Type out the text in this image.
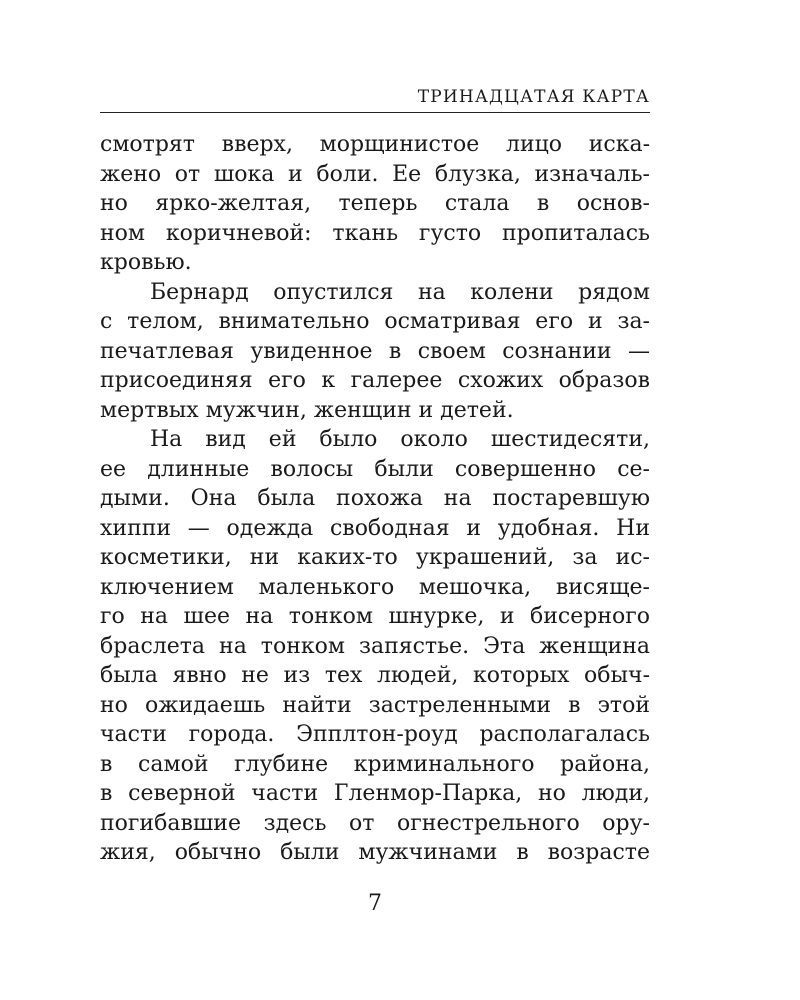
ТРИНАДЦАТАЯ КАРТА
смотрят вверх, морщинистое лицо иска-
жено от шока и боли. Ее блузка, изначаль-
но ярко-желтая, теперь стала в основ-
ном коричневой: ткань густо пропиталась
кровью.
Бернард опустился на колени рядом
с телом, внимательно осматривая его и за-
печатлевая увиденное в своем сознании —
присоединяя его к галерее схожих образов
мертвых мужчин, женщин и детей.
На вид ей было около шестидесяти,
ее длинные волосы были совершенно се-
дыми. Она была похожа на постаревшую
хиппи — одежда свободная и удобная. Ни
косметики, ни каких-то украшений, за ис-
ключением маленького мешочка, висяще-
го на шее на тонком шнурке, и бисерного
браслета на тонком запястье. Эта женщина
была явно не из тех людей, которых обыч-
но ожидаешь найти застреленными в этой
части города. Эпплтон-роуд располагалась
в самой глубине криминального района,
в северной части Гленмор-Парка, но люди,
погибавшие здесь от огнестрельного ору-
жия, обычно были мужчинами в возрасте
7
